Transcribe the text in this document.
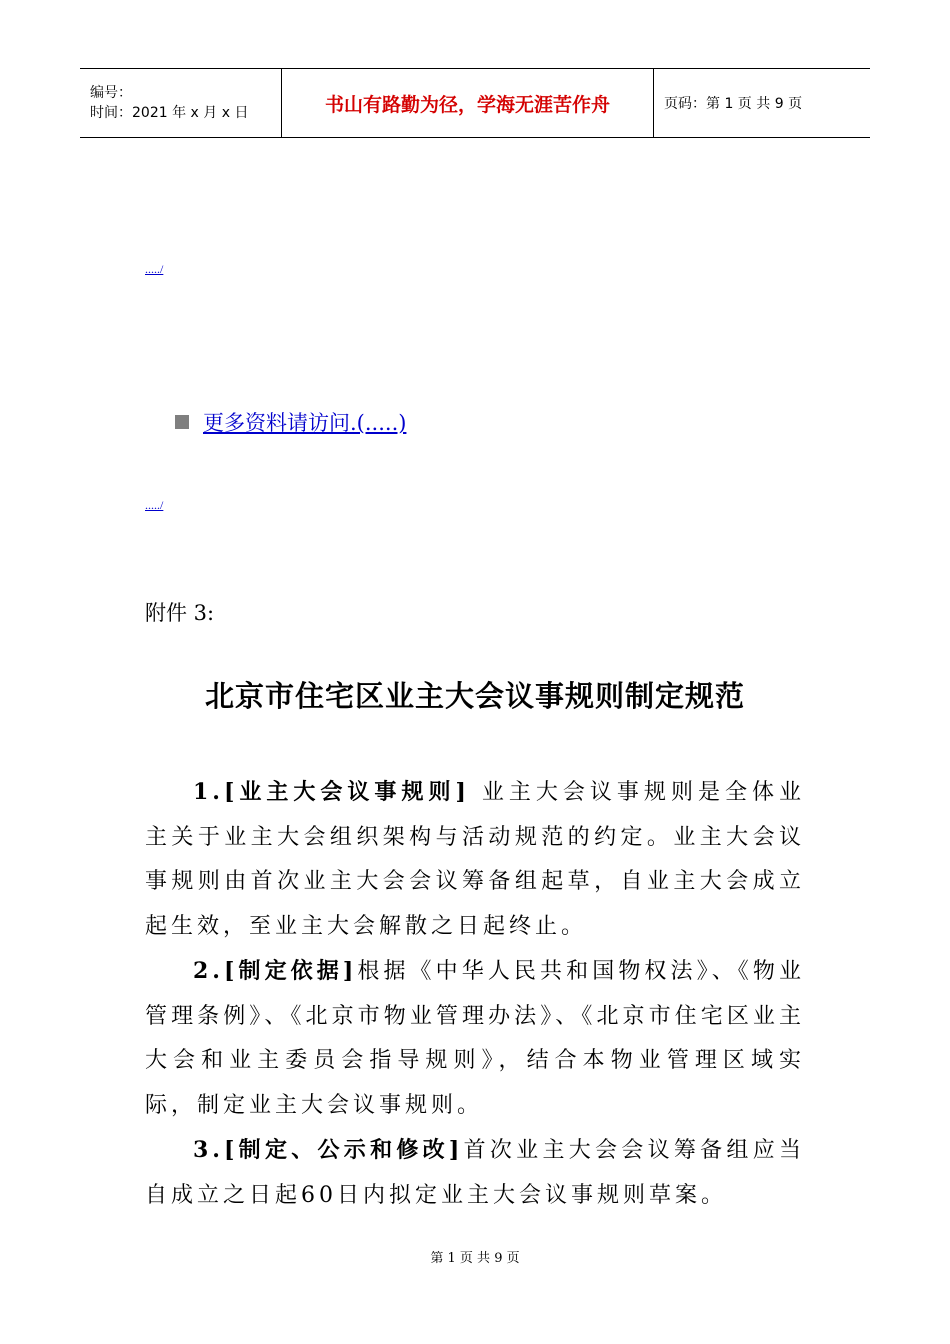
编号：
时间：2021 年 x 月 x 日	书山有路勤为径，学海无涯苦作舟	页码：第 1 页 共 9 页
...../
更多资料请访问.(.....)
...../
附件 3:
北京市住宅区业主大会议事规则制定规范

1.[业主大会议事规则] 业主大会议事规则是全体业主关于业主大会组织架构与活动规范的约定。业主大会议事规则由首次业主大会会议筹备组起草，自业主大会成立起生效，至业主大会解散之日起终止。

2.[制定依据]根据《中华人民共和国物权法》、《物业管理条例》、《北京市物业管理办法》、《北京市住宅区业主大会和业主委员会指导规则》，结合本物业管理区域实际，制定业主大会议事规则。

3.[制定、公示和修改]首次业主大会会议筹备组应当自成立之日起60日内拟定业主大会议事规则草案。

第 1 页 共 9 页
